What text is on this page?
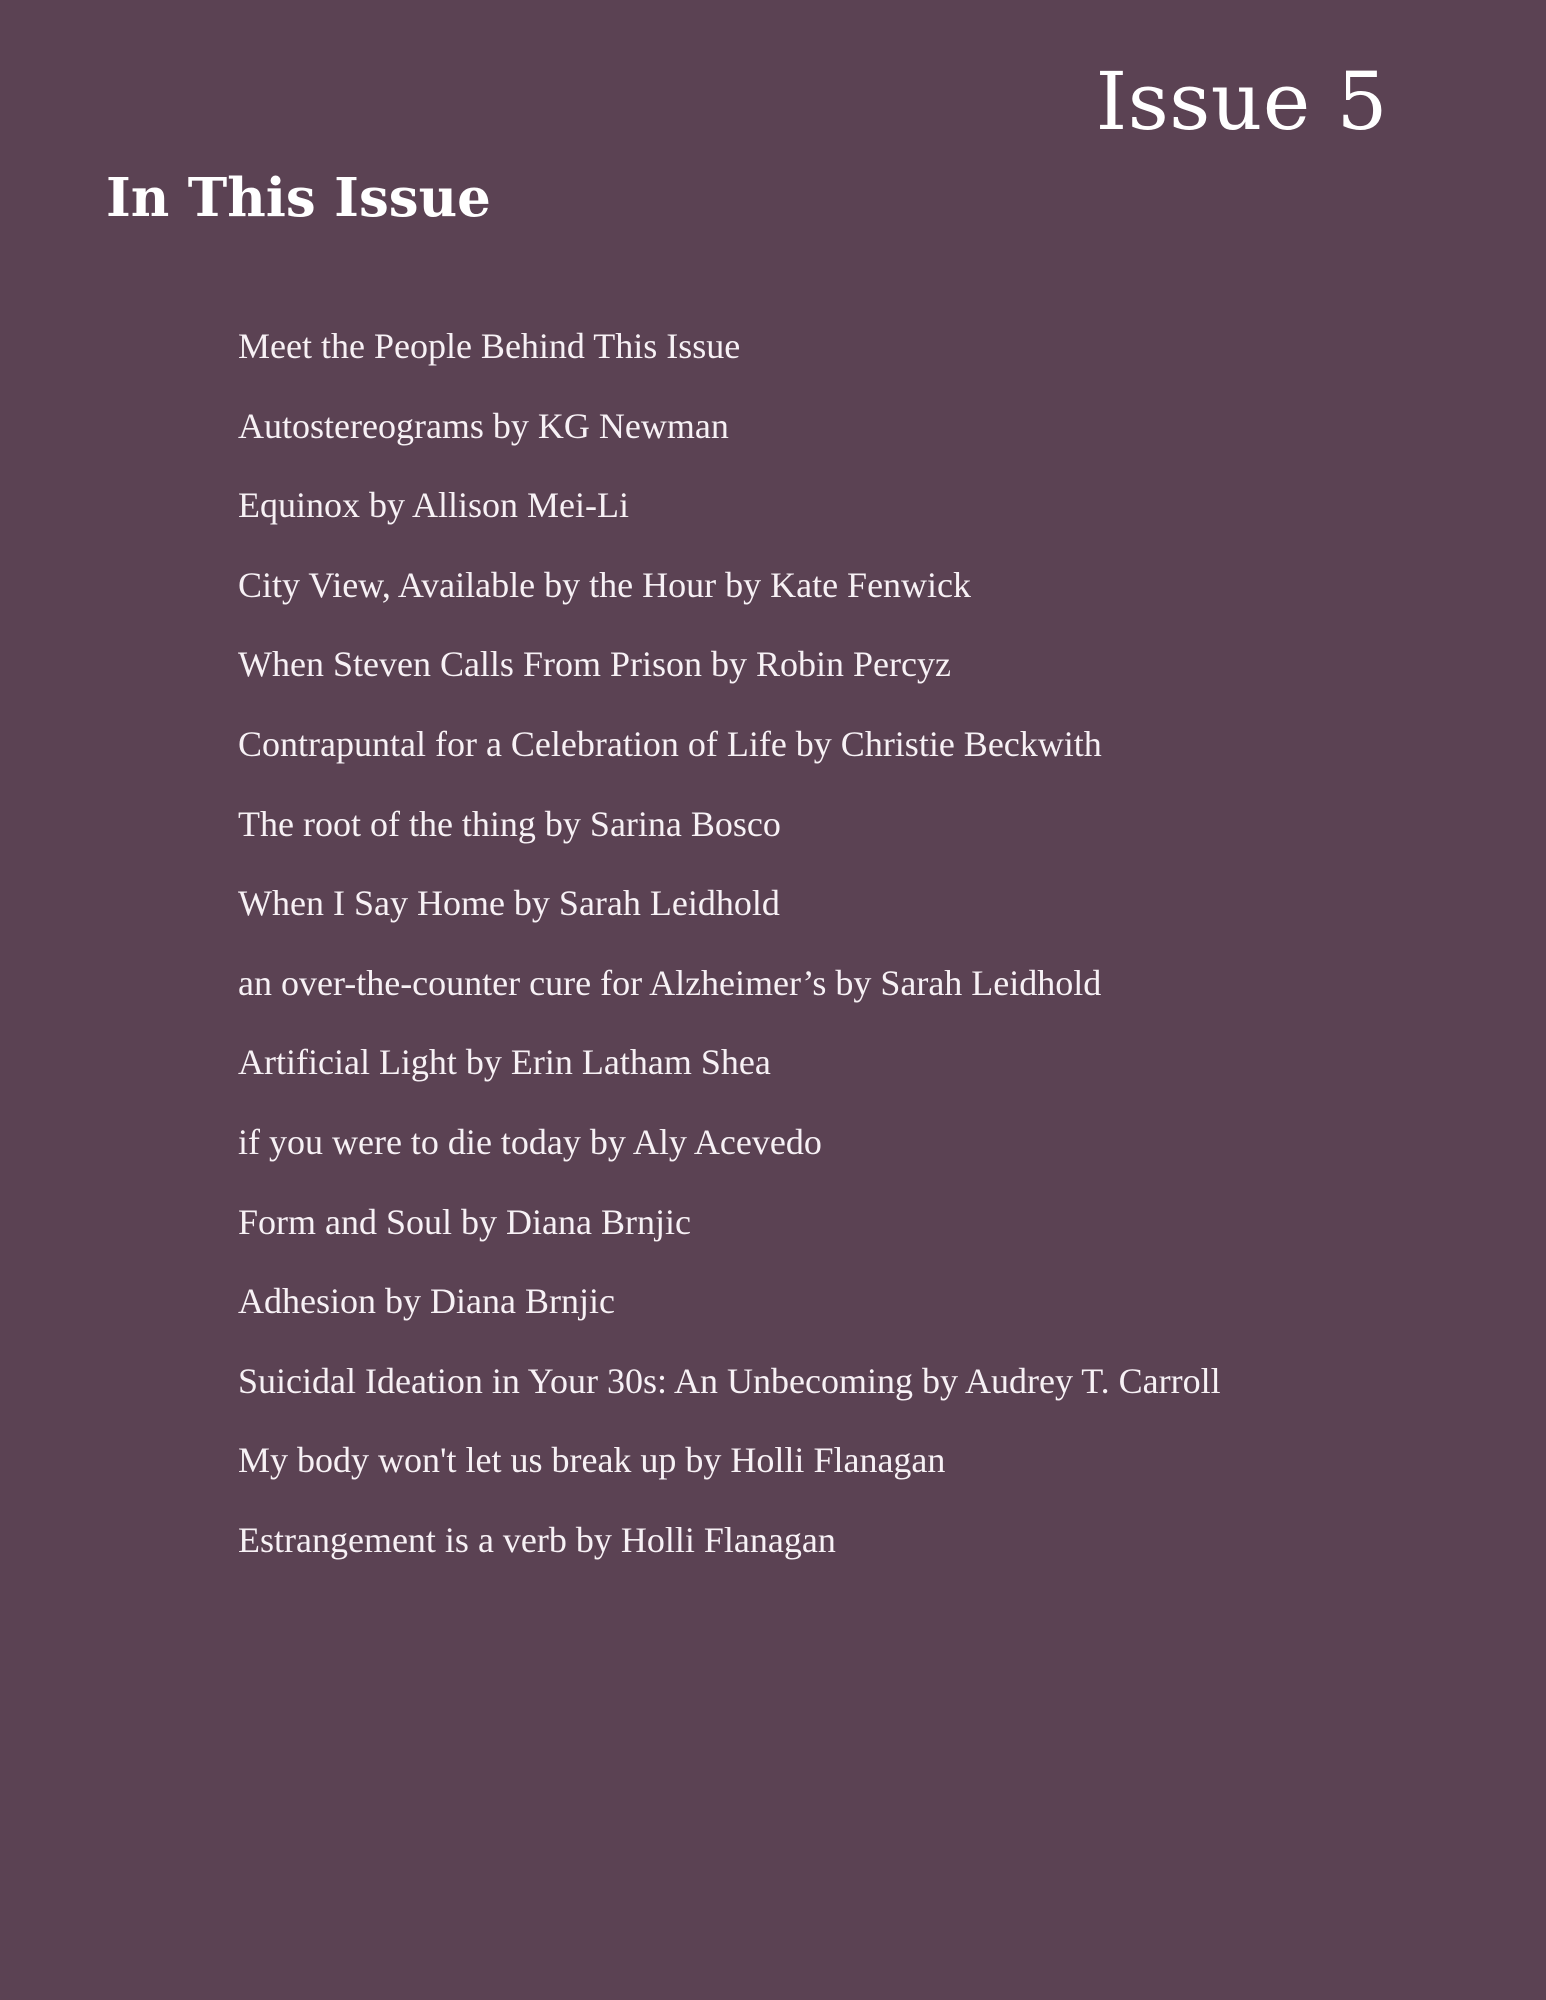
Issue 5
In This Issue
Meet the People Behind This Issue
Autostereograms by KG Newman
Equinox by Allison Mei-Li
City View, Available by the Hour by Kate Fenwick
When Steven Calls From Prison by Robin Percyz
Contrapuntal for a Celebration of Life by Christie Beckwith
The root of the thing by Sarina Bosco
When I Say Home by Sarah Leidhold
an over-the-counter cure for Alzheimer’s by Sarah Leidhold
Artificial Light by Erin Latham Shea
if you were to die today by Aly Acevedo
Form and Soul by Diana Brnjic
Adhesion by Diana Brnjic
Suicidal Ideation in Your 30s: An Unbecoming by Audrey T. Carroll
My body won't let us break up by Holli Flanagan
Estrangement is a verb by Holli Flanagan
